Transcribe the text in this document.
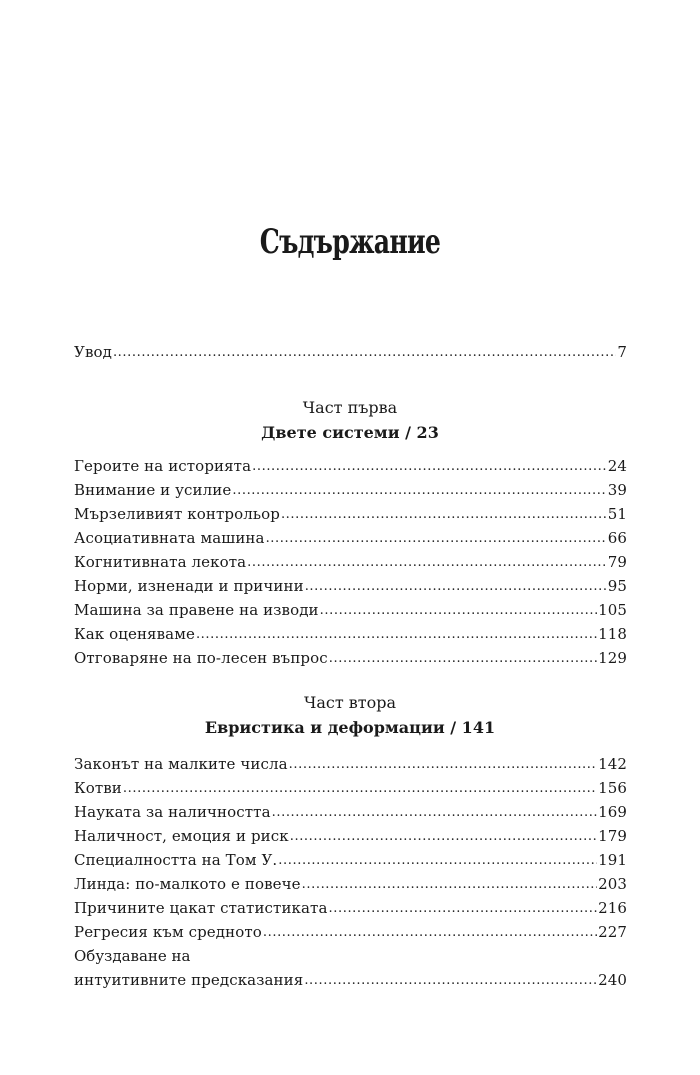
Съдържание
Увод .....	7
Част първа
Двете системи / 23
Героите на историята .....	24
Внимание и усилие .....	39
Мързеливият контрольор .....	51
Асоциативната машина .....	66
Когнитивната лекота .....	79
Норми, изненади и причини .....	95
Машина за правене на изводи .....	105
Как оценяваме .....	118
Отговаряне на по-лесен въпрос .....	129
Част втора
Евристика и деформации / 141
Законът на малките числа .....	142
Котви .....	156
Науката за наличността .....	169
Наличност, емоция и риск .....	179
Специалността на Том У. .....	191
Линда: по-малкото е повече .....	203
Причините цакат статистиката .....	216
Регресия към средното .....	227
Обуздаване на
интуитивните предсказания .....	240
